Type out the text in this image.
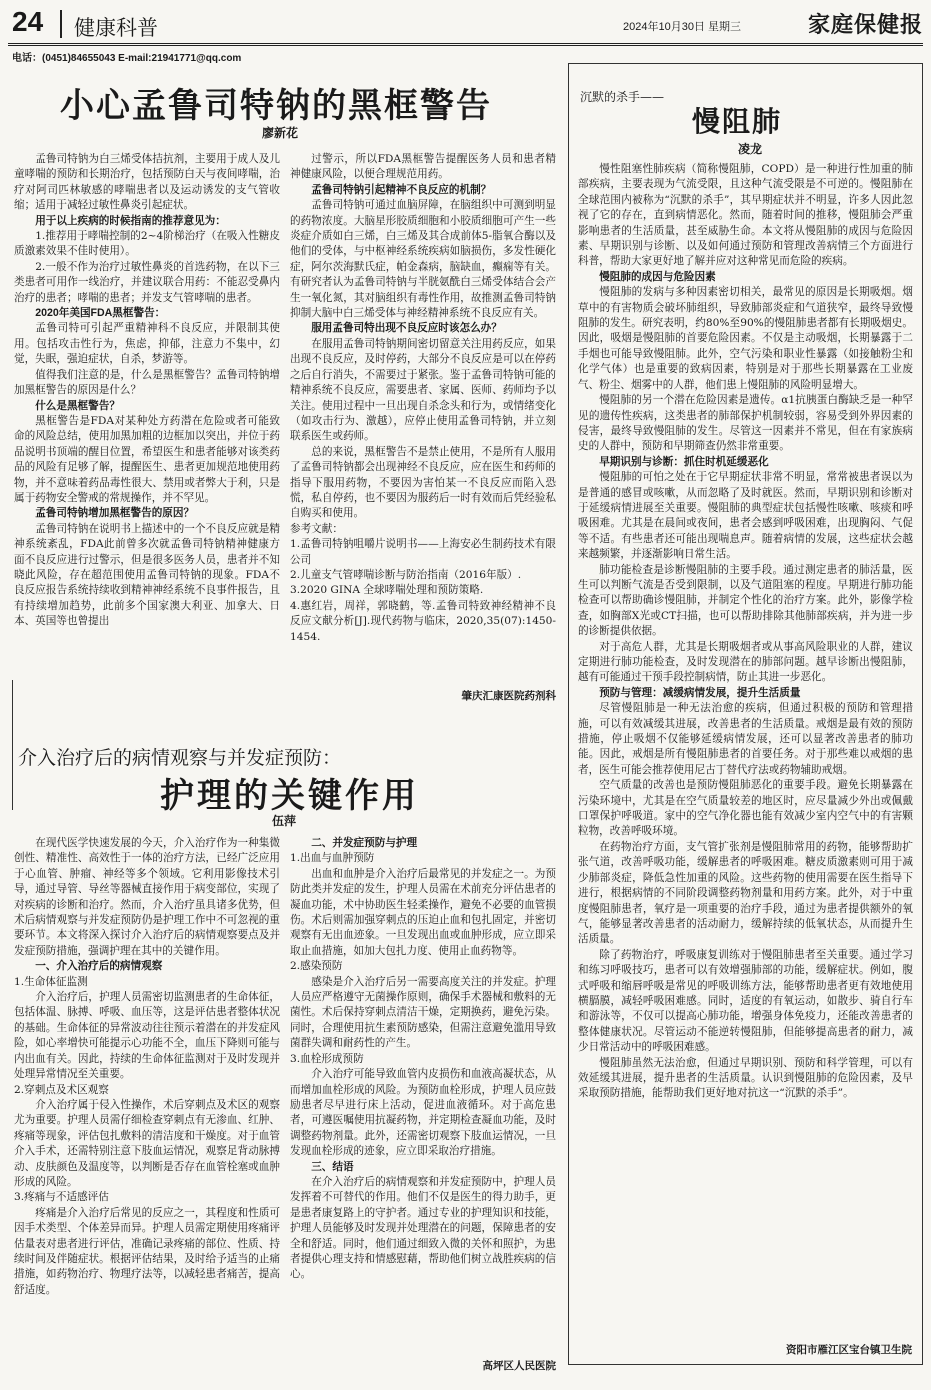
24 健康科普	2024年10月30日 星期三	家庭保健报
电话：(0451)84655043 E-mail:21941771@qq.com
小心孟鲁司特钠的黑框警告
廖新花

孟鲁司特钠为白三烯受体拮抗剂，主要用于成人及儿童哮喘的预防和长期治疗，包括预防白天与夜间哮喘，治疗对阿司匹林敏感的哮喘患者以及运动诱发的支气管收缩；适用于减轻过敏性鼻炎引起症状。

用于以上疾病的时候指南的推荐意见为：

1.推荐用于哮喘控制的2~4阶梯治疗（在吸入性糖皮质激素效果不佳时使用）。

2.一般不作为治疗过敏性鼻炎的首选药物，在以下三类患者可用作一线治疗，并建议联合用药：不能忍受鼻内治疗的患者；哮喘的患者；并发支气管哮喘的患者。

2020年美国FDA黑框警告：

孟鲁司特可引起严重精神科不良反应，并限制其使用。包括攻击性行为，焦虑，抑郁，注意力不集中，幻觉，失眠，强迫症状，自杀，梦游等。

值得我们注意的是，什么是黑框警告？孟鲁司特钠增加黑框警告的原因是什么？

什么是黑框警告？

黑框警告是FDA对某种处方药潜在危险或者可能致命的风险总结，使用加黑加粗的边框加以突出，并位于药品说明书顶端的醒目位置，希望医生和患者能够对该类药品的风险有足够了解，提醒医生、患者更加规范地使用药物，并不意味着药品毒性很大、禁用或者弊大于利，只是属于药物安全警戒的常规操作，并不罕见。

孟鲁司特钠增加黑框警告的原因？

孟鲁司特钠在说明书上描述中的一个不良反应就是精神系统紊乱，FDA此前曾多次就孟鲁司特钠精神健康方面不良反应进行过警示，但是很多医务人员，患者并不知晓此风险，存在超范围使用孟鲁司特钠的现象。FDA不良反应报告系统持续收到精神神经系统不良事件报告，且有持续增加趋势，此前多个国家澳大利亚、加拿大、日本、英国等也曾提出

过警示，所以FDA黑框警告提醒医务人员和患者精神健康风险，以便合理规范用药。

孟鲁司特钠引起精神不良反应的机制？

孟鲁司特钠可通过血脑屏障，在脑组织中可测到明显的药物浓度。大脑星形胶质细胞和小胶质细胞可产生一些炎症介质如白三烯，白三烯及其合成前体5-脂氧合酶以及他们的受体，与中枢神经系统疾病如脑损伤，多发性硬化症，阿尔茨海默氏症，帕金森病，脑缺血，癫痫等有关。有研究者认为孟鲁司特钠与半胱氨酰白三烯受体结合会产生一氧化氮，其对脑组织有毒性作用，故推测孟鲁司特钠抑制大脑中白三烯受体与神经精神系统不良反应有关。

服用孟鲁司特出现不良反应时该怎么办？

在服用孟鲁司特钠期间密切留意关注用药反应，如果出现不良反应，及时停药，大部分不良反应是可以在停药之后自行消失，不需要过于紧张。鉴于孟鲁司特钠可能的精神系统不良反应，需要患者、家属、医师、药师均予以关注。使用过程中一旦出现自杀念头和行为，或情绪变化（如攻击行为、激越），应停止使用孟鲁司特钠，并立刻联系医生或药师。

总的来说，黑框警告不是禁止使用，不是所有人服用了孟鲁司特钠都会出现神经不良反应，应在医生和药师的指导下服用药物，不要因为害怕某一不良反应而陷入恐慌，私自停药，也不要因为服药后一时有效而后凭经验私自购买和使用。

参考文献：

1.孟鲁司特钠咀嚼片说明书——上海安必生制药技术有限公司

2.儿童支气管哮喘诊断与防治指南（2016年版）.

3.2020 GINA 全球哮喘处理和预防策略.

4.惠红岩，周祥，郭晓鹤，等.孟鲁司特致神经精神不良反应文献分析[J].现代药物与临床，2020,35(07):1450-1454.

肇庆汇康医院药剂科
介入治疗后的病情观察与并发症预防：
护理的关键作用
伍萍

在现代医学快速发展的今天，介入治疗作为一种集微创性、精准性、高效性于一体的治疗方法，已经广泛应用于心血管、肿瘤、神经等多个领域。它利用影像技术引导，通过导管、导丝等器械直接作用于病变部位，实现了对疾病的诊断和治疗。然而，介入治疗虽具诸多优势，但术后病情观察与并发症预防仍是护理工作中不可忽视的重要环节。本文将深入探讨介入治疗后的病情观察要点及并发症预防措施，强调护理在其中的关键作用。

一、介入治疗后的病情观察

1.生命体征监测

介入治疗后，护理人员需密切监测患者的生命体征，包括体温、脉搏、呼吸、血压等，这是评估患者整体状况的基础。生命体征的异常波动往往预示着潜在的并发症风险，如心率增快可能提示心功能不全，血压下降则可能与内出血有关。因此，持续的生命体征监测对于及时发现并处理异常情况至关重要。

2.穿刺点及术区观察

介入治疗属于侵入性操作，术后穿刺点及术区的观察尤为重要。护理人员需仔细检查穿刺点有无渗血、红肿、疼痛等现象，评估包扎敷料的清洁度和干燥度。对于血管介入手术，还需特别注意下肢血运情况，观察足背动脉搏动、皮肤颜色及温度等，以判断是否存在血管栓塞或血肿形成的风险。

3.疼痛与不适感评估

疼痛是介入治疗后常见的反应之一，其程度和性质可因手术类型、个体差异而异。护理人员需定期使用疼痛评估量表对患者进行评估，准确记录疼痛的部位、性质、持续时间及伴随症状。根据评估结果，及时给予适当的止痛措施，如药物治疗、物理疗法等，以减轻患者痛苦，提高舒适度。

二、并发症预防与护理

1.出血与血肿预防

出血和血肿是介入治疗后最常见的并发症之一。为预防此类并发症的发生，护理人员需在术前充分评估患者的凝血功能，术中协助医生轻柔操作，避免不必要的血管损伤。术后则需加强穿刺点的压迫止血和包扎固定，并密切观察有无出血迹象。一旦发现出血或血肿形成，应立即采取止血措施，如加大包扎力度、使用止血药物等。

2.感染预防

感染是介入治疗后另一需要高度关注的并发症。护理人员应严格遵守无菌操作原则，确保手术器械和敷料的无菌性。术后保持穿刺点清洁干燥，定期换药，避免污染。同时，合理使用抗生素预防感染，但需注意避免滥用导致菌群失调和耐药性的产生。

3.血栓形成预防

介入治疗可能导致血管内皮损伤和血液高凝状态，从而增加血栓形成的风险。为预防血栓形成，护理人员应鼓励患者尽早进行床上活动，促进血液循环。对于高危患者，可遵医嘱使用抗凝药物，并定期检查凝血功能，及时调整药物剂量。此外，还需密切观察下肢血运情况，一旦发现血栓形成的迹象，应立即采取治疗措施。

三、结语

在介入治疗后的病情观察和并发症预防中，护理人员发挥着不可替代的作用。他们不仅是医生的得力助手，更是患者康复路上的守护者。通过专业的护理知识和技能，护理人员能够及时发现并处理潜在的问题，保障患者的安全和舒适。同时，他们通过细致入微的关怀和照护，为患者提供心理支持和情感慰藉，帮助他们树立战胜疾病的信心。

高坪区人民医院
沉默的杀手——
慢阻肺
凌龙

慢性阻塞性肺疾病（简称慢阻肺，COPD）是一种进行性加重的肺部疾病，主要表现为气流受限，且这种气流受限是不可逆的。慢阻肺在全球范围内被称为“沉默的杀手”，其早期症状并不明显，许多人因此忽视了它的存在，直到病情恶化。然而，随着时间的推移，慢阻肺会严重影响患者的生活质量，甚至威胁生命。本文将从慢阻肺的成因与危险因素、早期识别与诊断、以及如何通过预防和管理改善病情三个方面进行科普，帮助大家更好地了解并应对这种常见而危险的疾病。

慢阻肺的成因与危险因素

慢阻肺的发病与多种因素密切相关，最常见的原因是长期吸烟。烟草中的有害物质会破坏肺组织，导致肺部炎症和气道狭窄，最终导致慢阻肺的发生。研究表明，约80%至90%的慢阻肺患者都有长期吸烟史。因此，吸烟是慢阻肺的首要危险因素。不仅是主动吸烟，长期暴露于二手烟也可能导致慢阻肺。此外，空气污染和职业性暴露（如接触粉尘和化学气体）也是重要的致病因素，特别是对于那些长期暴露在工业废气、粉尘、烟雾中的人群，他们患上慢阻肺的风险明显增大。

慢阻肺的另一个潜在危险因素是遗传。α1抗胰蛋白酶缺乏是一种罕见的遗传性疾病，这类患者的肺部保护机制较弱，容易受到外界因素的侵害，最终导致慢阻肺的发生。尽管这一因素并不常见，但在有家族病史的人群中，预防和早期筛查仍然非常重要。

早期识别与诊断：抓住时机延缓恶化

慢阻肺的可怕之处在于它早期症状非常不明显，常常被患者误以为是普通的感冒或咳嗽，从而忽略了及时就医。然而，早期识别和诊断对于延缓病情进展至关重要。慢阻肺的典型症状包括慢性咳嗽、咳痰和呼吸困难。尤其是在晨间或夜间，患者会感到呼吸困难，出现胸闷、气促等不适。有些患者还可能出现喘息声。随着病情的发展，这些症状会越来越频繁，并逐渐影响日常生活。

肺功能检查是诊断慢阻肺的主要手段。通过测定患者的肺活量，医生可以判断气流是否受到限制，以及气道阻塞的程度。早期进行肺功能检查可以帮助确诊慢阻肺，并制定个性化的治疗方案。此外，影像学检查，如胸部X光或CT扫描，也可以帮助排除其他肺部疾病，并为进一步的诊断提供依据。

对于高危人群，尤其是长期吸烟者或从事高风险职业的人群，建议定期进行肺功能检查，及时发现潜在的肺部问题。越早诊断出慢阻肺，越有可能通过干预手段控制病情，防止其进一步恶化。

预防与管理：减缓病情发展，提升生活质量

尽管慢阻肺是一种无法治愈的疾病，但通过积极的预防和管理措施，可以有效减缓其进展，改善患者的生活质量。戒烟是最有效的预防措施，停止吸烟不仅能够延缓病情发展，还可以显著改善患者的肺功能。因此，戒烟是所有慢阻肺患者的首要任务。对于那些难以戒烟的患者，医生可能会推荐使用尼古丁替代疗法或药物辅助戒烟。

空气质量的改善也是预防慢阻肺恶化的重要手段。避免长期暴露在污染环境中，尤其是在空气质量较差的地区时，应尽量减少外出或佩戴口罩保护呼吸道。家中的空气净化器也能有效减少室内空气中的有害颗粒物，改善呼吸环境。

在药物治疗方面，支气管扩张剂是慢阻肺常用的药物，能够帮助扩张气道，改善呼吸功能，缓解患者的呼吸困难。糖皮质激素则可用于减少肺部炎症，降低急性加重的风险。这些药物的使用需要在医生指导下进行，根据病情的不同阶段调整药物剂量和用药方案。此外，对于中重度慢阻肺患者，氧疗是一项重要的治疗手段，通过为患者提供额外的氧气，能够显著改善患者的活动耐力，缓解持续的低氧状态，从而提升生活质量。

除了药物治疗，呼吸康复训练对于慢阻肺患者至关重要。通过学习和练习呼吸技巧，患者可以有效增强肺部的功能，缓解症状。例如，腹式呼吸和缩唇呼吸是常见的呼吸训练方法，能够帮助患者更有效地使用横膈膜，减轻呼吸困难感。同时，适度的有氧运动，如散步、骑自行车和游泳等，不仅可以提高心肺功能，增强身体免疫力，还能改善患者的整体健康状况。尽管运动不能逆转慢阻肺，但能够提高患者的耐力，减少日常活动中的呼吸困难感。

慢阻肺虽然无法治愈，但通过早期识别、预防和科学管理，可以有效延缓其进展，提升患者的生活质量。认识到慢阻肺的危险因素，及早采取预防措施，能帮助我们更好地对抗这一“沉默的杀手”。

资阳市雁江区宝台镇卫生院
